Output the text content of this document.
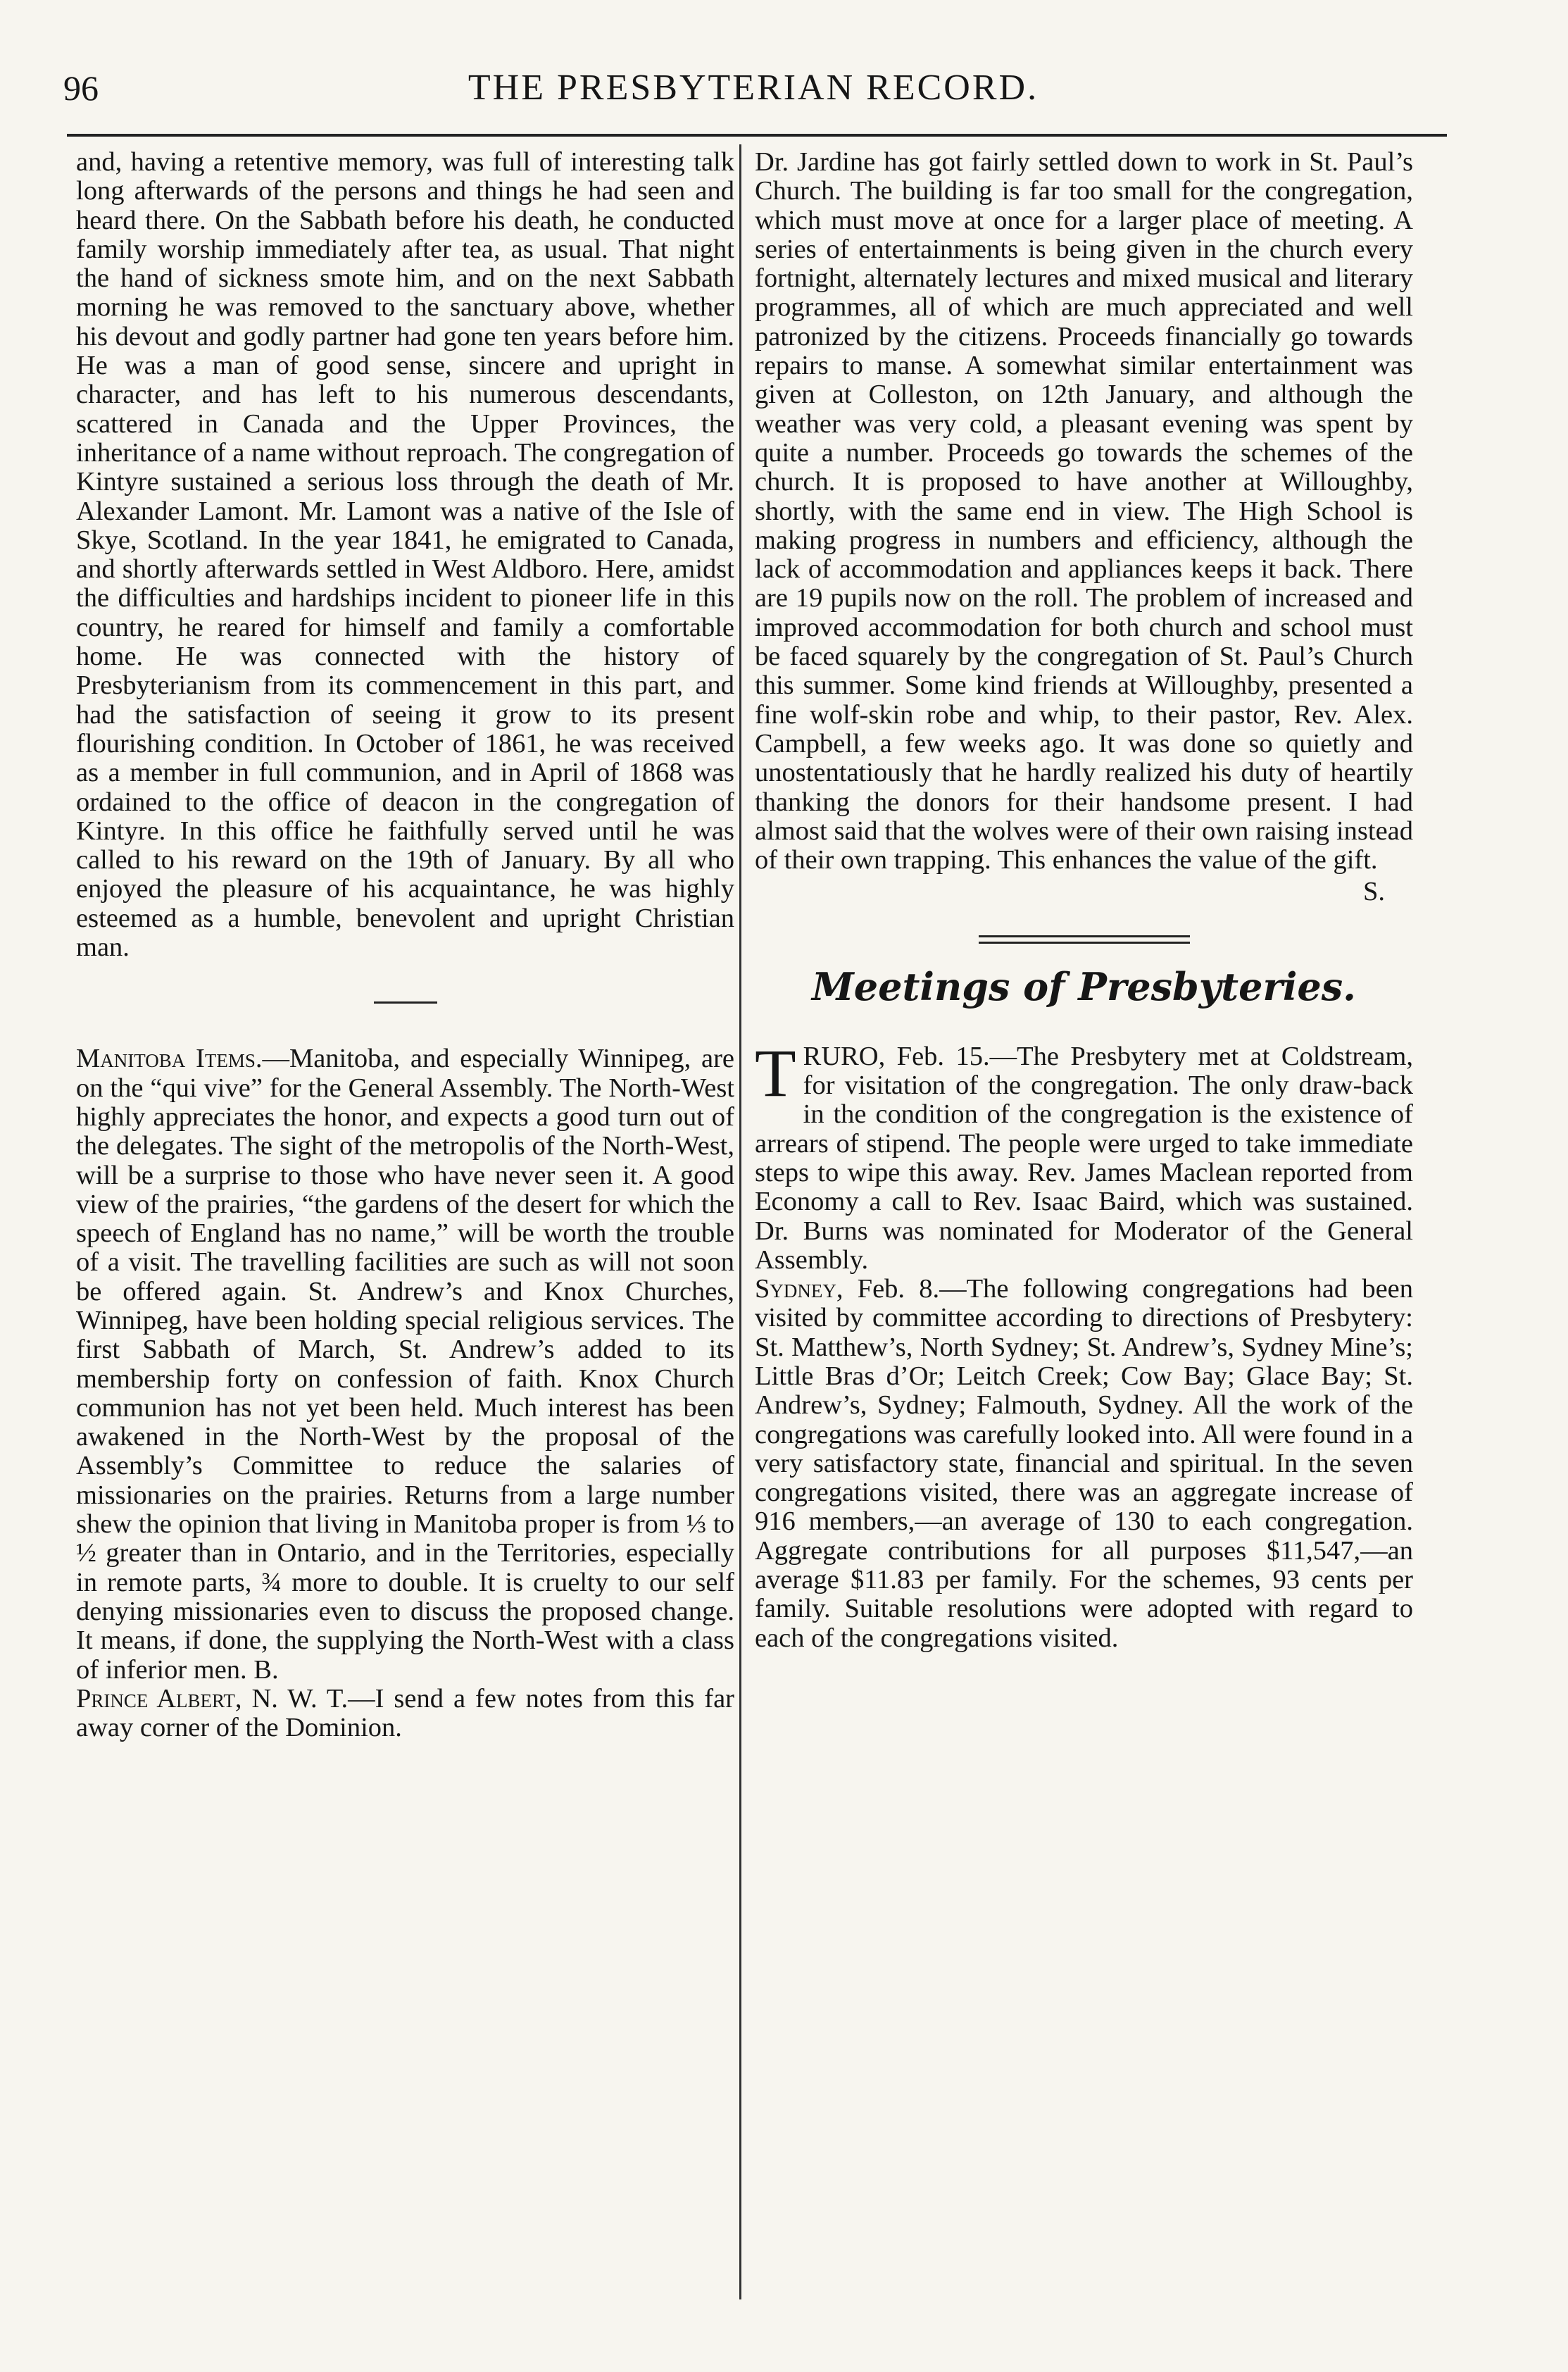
96	THE PRESBYTERIAN RECORD.

and, having a retentive memory, was full of interesting talk long afterwards of the persons and things he had seen and heard there. On the Sabbath before his death, he conducted family worship immediately after tea, as usual. That night the hand of sickness smote him, and on the next Sabbath morning he was removed to the sanctuary above, whether his devout and godly partner had gone ten years before him. He was a man of good sense, sincere and upright in character, and has left to his numerous descendants, scattered in Canada and the Upper Provinces, the inheritance of a name without reproach. The congregation of Kintyre sustained a serious loss through the death of Mr. Alexander Lamont. Mr. Lamont was a native of the Isle of Skye, Scotland. In the year 1841, he emigrated to Canada, and shortly afterwards settled in West Aldboro. Here, amidst the difficulties and hardships incident to pioneer life in this country, he reared for himself and family a comfortable home. He was connected with the history of Presbyterianism from its commencement in this part, and had the satisfaction of seeing it grow to its present flourishing condition. In October of 1861, he was received as a member in full communion, and in April of 1868 was ordained to the office of deacon in the congregation of Kintyre. In this office he faithfully served until he was called to his reward on the 19th of January. By all who enjoyed the pleasure of his acquaintance, he was highly esteemed as a humble, benevolent and upright Christian man.

Manitoba Items.—Manitoba, and especially Winnipeg, are on the “qui vive” for the General Assembly. The North-West highly appreciates the honor, and expects a good turn out of the delegates. The sight of the metropolis of the North-West, will be a surprise to those who have never seen it. A good view of the prairies, “the gardens of the desert for which the speech of England has no name,” will be worth the trouble of a visit. The travelling facilities are such as will not soon be offered again. St. Andrew’s and Knox Churches, Winnipeg, have been holding special religious services. The first Sabbath of March, St. Andrew’s added to its membership forty on confession of faith. Knox Church communion has not yet been held. Much interest has been awakened in the North-West by the proposal of the Assembly’s Committee to reduce the salaries of missionaries on the prairies. Returns from a large number shew the opinion that living in Manitoba proper is from ⅓ to ½ greater than in Ontario, and in the Territories, especially in remote parts, ¾ more to double. It is cruelty to our self denying missionaries even to discuss the proposed change. It means, if done, the supplying the North-West with a class of inferior men. B.

Prince Albert, N. W. T.—I send a few notes from this far away corner of the Dominion.

Dr. Jardine has got fairly settled down to work in St. Paul’s Church. The building is far too small for the congregation, which must move at once for a larger place of meeting. A series of entertainments is being given in the church every fortnight, alternately lectures and mixed musical and literary programmes, all of which are much appreciated and well patronized by the citizens. Proceeds financially go towards repairs to manse. A somewhat similar entertainment was given at Colleston, on 12th January, and although the weather was very cold, a pleasant evening was spent by quite a number. Proceeds go towards the schemes of the church. It is proposed to have another at Willoughby, shortly, with the same end in view. The High School is making progress in numbers and efficiency, although the lack of accommodation and appliances keeps it back. There are 19 pupils now on the roll. The problem of increased and improved accommodation for both church and school must be faced squarely by the congregation of St. Paul’s Church this summer. Some kind friends at Willoughby, presented a fine wolf-skin robe and whip, to their pastor, Rev. Alex. Campbell, a few weeks ago. It was done so quietly and unostentatiously that he hardly realized his duty of heartily thanking the donors for their handsome present. I had almost said that the wolves were of their own raising instead of their own trapping. This enhances the value of the gift.

S.

Meetings of Presbyteries.

TRURO, Feb. 15.—The Presbytery met at Coldstream, for visitation of the congregation. The only draw-back in the condition of the congregation is the existence of arrears of stipend. The people were urged to take immediate steps to wipe this away. Rev. James Maclean reported from Economy a call to Rev. Isaac Baird, which was sustained. Dr. Burns was nominated for Moderator of the General Assembly.

Sydney, Feb. 8.—The following congregations had been visited by committee according to directions of Presbytery: St. Matthew’s, North Sydney; St. Andrew’s, Sydney Mine’s; Little Bras d’Or; Leitch Creek; Cow Bay; Glace Bay; St. Andrew’s, Sydney; Falmouth, Sydney. All the work of the congregations was carefully looked into. All were found in a very satisfactory state, financial and spiritual. In the seven congregations visited, there was an aggregate increase of 916 members,—an average of 130 to each congregation. Aggregate contributions for all purposes $11,547,—an average $11.83 per family. For the schemes, 93 cents per family. Suitable resolutions were adopted with regard to each of the congregations visited.
